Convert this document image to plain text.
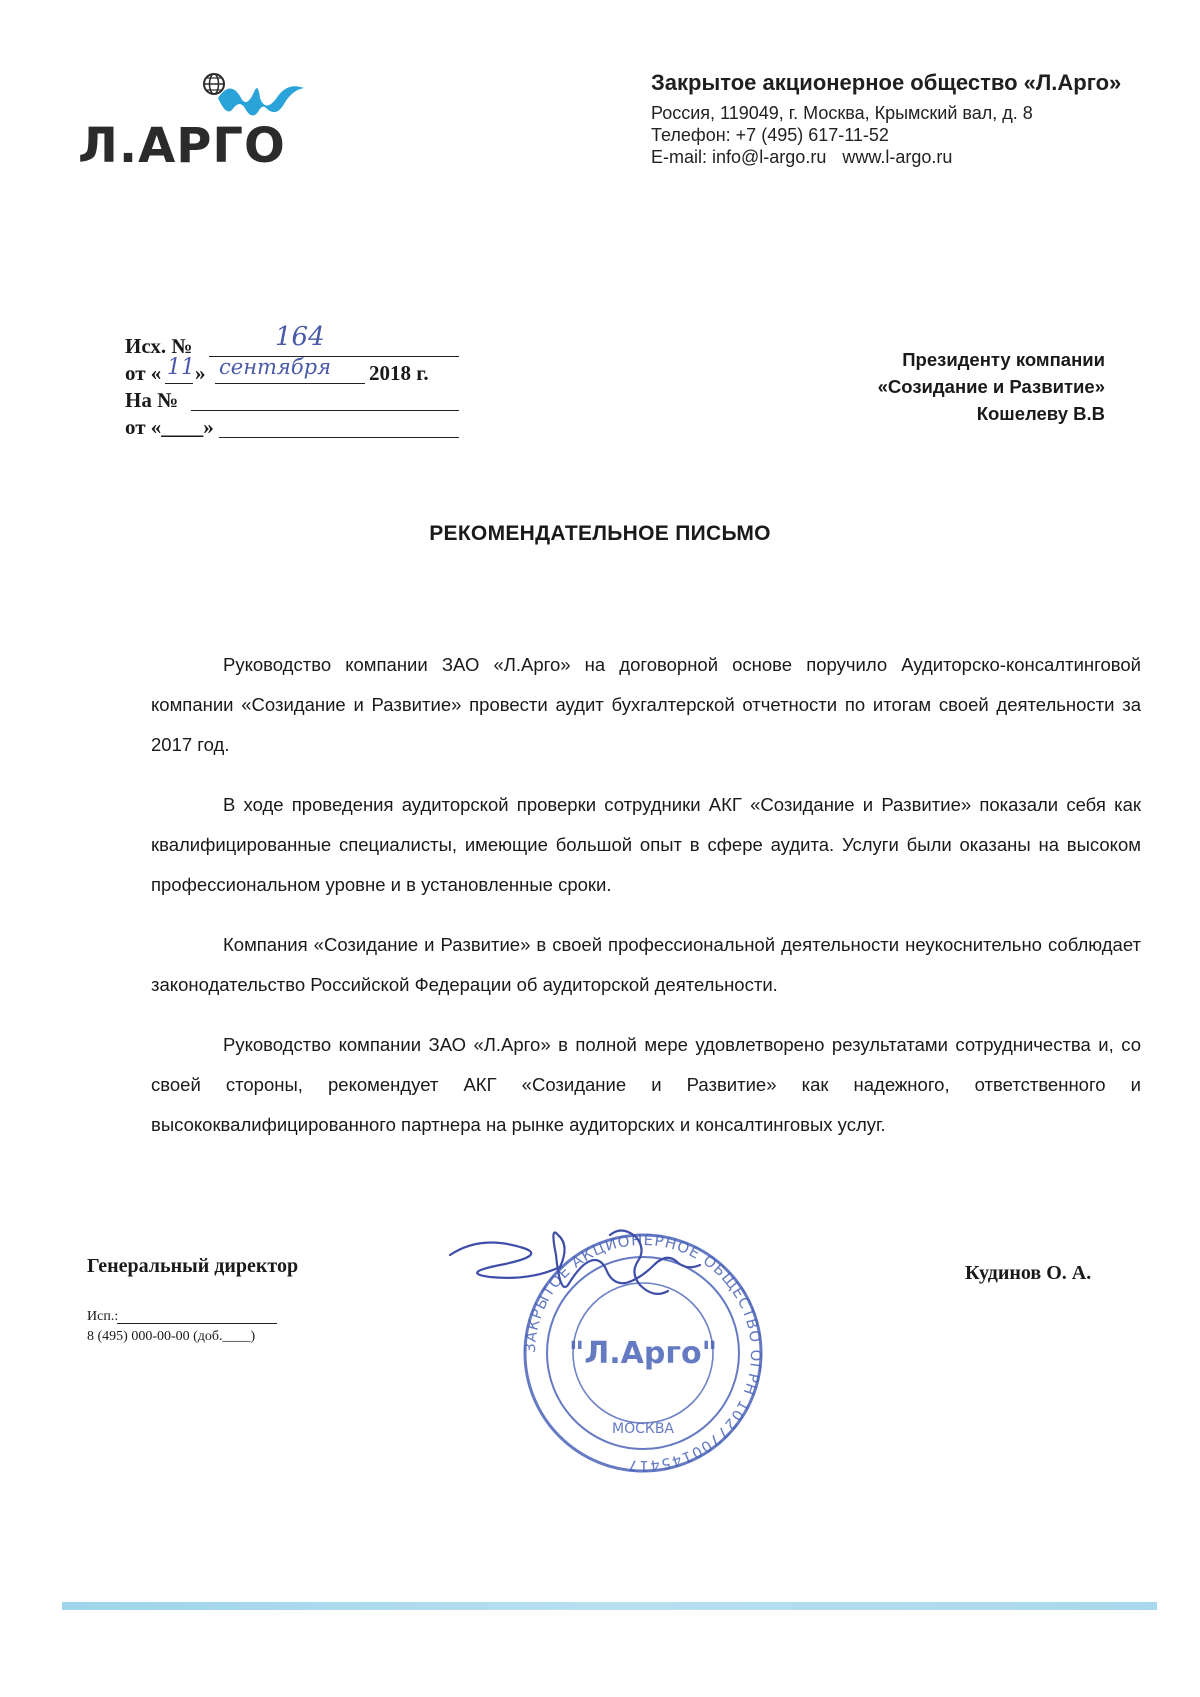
Л.АРГО
Закрытое акционерное общество «Л.Арго»
Россия, 119049, г. Москва, Крымский вал, д. 8
Телефон: +7 (495) 617-11-52
E-mail: info@l-argo.ru www.l-argo.ru
Исх. №	164
от « 11 » сентября 2018 г.
На №
от «____»
Президенту компании
«Созидание и Развитие»
Кошелеву В.В
РЕКОМЕНДАТЕЛЬНОЕ ПИСЬМО

Руководство компании ЗАО «Л.Арго» на договорной основе поручило Аудиторско-консалтинговой компании «Созидание и Развитие» провести аудит бухгалтерской отчетности по итогам своей деятельности за 2017 год.

В ходе проведения аудиторской проверки сотрудники АКГ «Созидание и Развитие» показали себя как квалифицированные специалисты, имеющие большой опыт в сфере аудита. Услуги были оказаны на высоком профессиональном уровне и в установленные сроки.

Компания «Созидание и Развитие» в своей профессиональной деятельности неукоснительно соблюдает законодательство Российской Федерации об аудиторской деятельности.

Руководство компании ЗАО «Л.Арго» в полной мере удовлетворено результатами сотрудничества и, со своей стороны, рекомендует АКГ «Созидание и Развитие» как надежного, ответственного и высококвалифицированного партнера на рынке аудиторских и консалтинговых услуг.

ЗАКРЫТОЕ АКЦИОНЕРНОЕ ОБЩЕСТВО ОГРН 1027700145417
"Л.Арго"
МОСКВА
Генеральный директор	Кудинов О. А.
Исп.:
8 (495) 000-00-00 (доб.____)
